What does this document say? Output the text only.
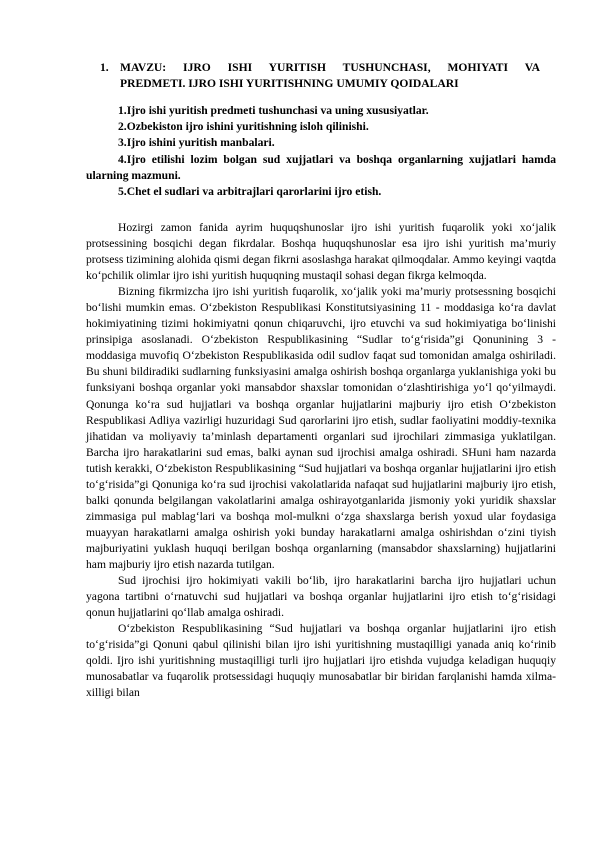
1. MAVZU: IJRO ISHI YURITISH TUSHUNCHASI, MOHIYATI VA
PREDMETI. IJRO ISHI YURITISHNING UMUMIY QOIDALARI
1.Ijro ishi yuritish predmeti tushunchasi va uning xususiyatlar.
2.Ozbekiston ijro ishini yuritishning isloh qilinishi.
3.Ijro ishini yuritish manbalari.
4.Ijro etilishi lozim bolgan sud xujjatlari va boshqa organlarning xujjatlari hamda ularning mazmuni.
5.Chet el sudlari va arbitrajlari qarorlarini ijro etish.

Hozirgi zamon fanida ayrim huquqshunoslar ijro ishi yuritish fuqarolik yoki xo‘jalik protsessining bosqichi degan fikrdalar. Boshqa huquqshunoslar esa ijro ishi yuritish ma’muriy protsess tizimining alohida qismi degan fikrni asoslashga harakat qilmoqdalar. Ammo keyingi vaqtda ko‘pchilik olimlar ijro ishi yuritish huquqning mustaqil sohasi degan fikrga kelmoqda.

Bizning fikrmizcha ijro ishi yuritish fuqarolik, xo‘jalik yoki ma’muriy protsessning bosqichi bo‘lishi mumkin emas. O‘zbekiston Respublikasi Konstitutsiyasining 11 - moddasiga ko‘ra davlat hokimiyatining tizimi hokimiyatni qonun chiqaruvchi, ijro etuvchi va sud hokimiyatiga bo‘linishi prinsipiga asoslanadi. O‘zbekiston Respublikasining “Sudlar to‘g‘risida”gi Qonunining 3 - moddasiga muvofiq O‘zbekiston Respublikasida odil sudlov faqat sud tomonidan amalga oshiriladi. Bu shuni bildiradiki sudlarning funksiyasini amalga oshirish boshqa organlarga yuklanishiga yoki bu funksiyani boshqa organlar yoki mansabdor shaxslar tomonidan o‘zlashtirishiga yo‘l qo‘yilmaydi. Qonunga ko‘ra sud hujjatlari va boshqa organlar hujjatlarini majburiy ijro etish O‘zbekiston Respublikasi Adliya vazirligi huzuridagi Sud qarorlarini ijro etish, sudlar faoliyatini moddiy-texnika jihatidan va moliyaviy ta’minlash departamenti organlari sud ijrochilari zimmasiga yuklatilgan. Barcha ijro harakatlarini sud emas, balki aynan sud ijrochisi amalga oshiradi. SHuni ham nazarda tutish kerakki, O‘zbekiston Respublikasining “Sud hujjatlari va boshqa organlar hujjatlarini ijro etish to‘g‘risida”gi Qonuniga ko‘ra sud ijrochisi vakolatlarida nafaqat sud hujjatlarini majburiy ijro etish, balki qonunda belgilangan vakolatlarini amalga oshirayotganlarida jismoniy yoki yuridik shaxslar zimmasiga pul mablag‘lari va boshqa mol-mulkni o‘zga shaxslarga berish yoxud ular foydasiga muayyan harakatlarni amalga oshirish yoki bunday harakatlarni amalga oshirishdan o‘zini tiyish majburiyatini yuklash huquqi berilgan boshqa organlarning (mansabdor shaxslarning) hujjatlarini ham majburiy ijro etish nazarda tutilgan.

Sud ijrochisi ijro hokimiyati vakili bo‘lib, ijro harakatlarini barcha ijro hujjatlari uchun yagona tartibni o‘rnatuvchi sud hujjatlari va boshqa organlar hujjatlarini ijro etish to‘g‘risidagi qonun hujjatlarini qo‘llab amalga oshiradi.

O‘zbekiston Respublikasining “Sud hujjatlari va boshqa organlar hujjatlarini ijro etish to‘g‘risida”gi Qonuni qabul qilinishi bilan ijro ishi yuritishning mustaqilligi yanada aniq ko‘rinib qoldi. Ijro ishi yuritishning mustaqilligi turli ijro hujjatlari ijro etishda vujudga keladigan huquqiy munosabatlar va fuqarolik protsessidagi huquqiy munosabatlar bir biridan farqlanishi hamda xilma-xilligi bilan
